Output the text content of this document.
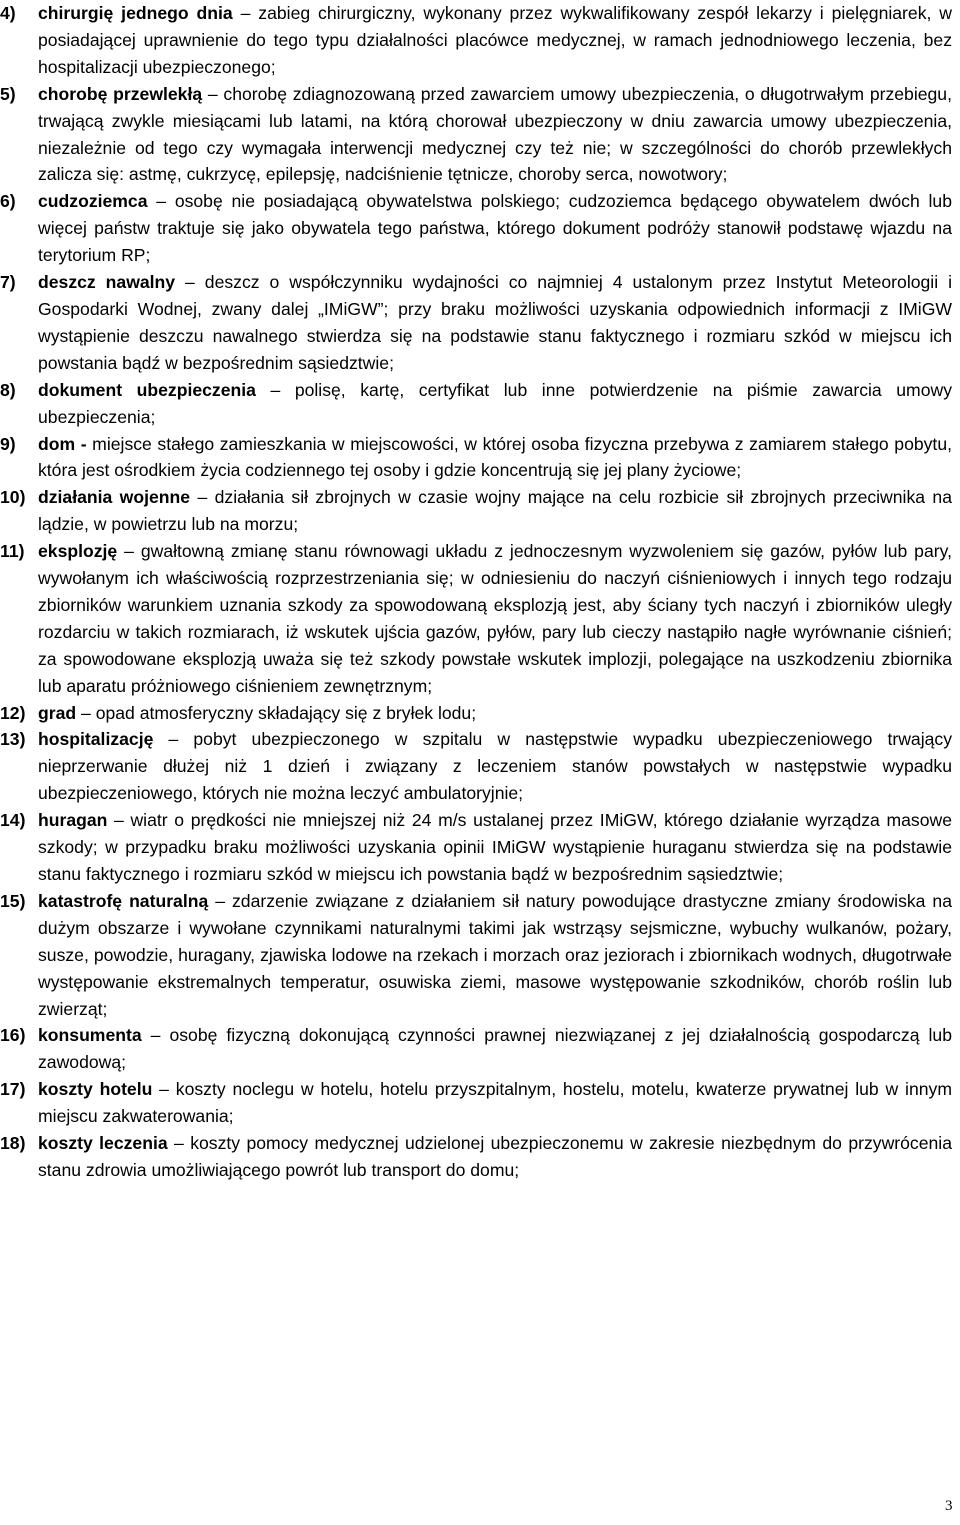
4) chirurgię jednego dnia – zabieg chirurgiczny, wykonany przez wykwalifikowany zespół lekarzy i pielęgniarek, w posiadającej uprawnienie do tego typu działalności placówce medycznej, w ramach jednodniowego leczenia, bez hospitalizacji ubezpieczonego;
5) chorobę przewlekłą – chorobę zdiagnozowaną przed zawarciem umowy ubezpieczenia, o długotrwałym przebiegu, trwającą zwykle miesiącami lub latami, na którą chorował ubezpieczony w dniu zawarcia umowy ubezpieczenia, niezależnie od tego czy wymagała interwencji medycznej czy też nie; w szczególności do chorób przewlekłych zalicza się: astmę, cukrzycę, epilepsję, nadciśnienie tętnicze, choroby serca, nowotwory;
6) cudzoziemca – osobę nie posiadającą obywatelstwa polskiego; cudzoziemca będącego obywatelem dwóch lub więcej państw traktuje się jako obywatela tego państwa, którego dokument podróży stanowił podstawę wjazdu na terytorium RP;
7) deszcz nawalny – deszcz o współczynniku wydajności co najmniej 4 ustalonym przez Instytut Meteorologii i Gospodarki Wodnej, zwany dalej „IMiGW”; przy braku możliwości uzyskania odpowiednich informacji z IMiGW wystąpienie deszczu nawalnego stwierdza się na podstawie stanu faktycznego i rozmiaru szkód w miejscu ich powstania bądź w bezpośrednim sąsiedztwie;
8) dokument ubezpieczenia – polisę, kartę, certyfikat lub inne potwierdzenie na piśmie zawarcia umowy ubezpieczenia;
9) dom - miejsce stałego zamieszkania w miejscowości, w której osoba fizyczna przebywa z zamiarem stałego pobytu, która jest ośrodkiem życia codziennego tej osoby i gdzie koncentrują się jej plany życiowe;
10) działania wojenne – działania sił zbrojnych w czasie wojny mające na celu rozbicie sił zbrojnych przeciwnika na lądzie, w powietrzu lub na morzu;
11) eksplozję – gwałtowną zmianę stanu równowagi układu z jednoczesnym wyzwoleniem się gazów, pyłów lub pary, wywołanym ich właściwością rozprzestrzeniania się; w odniesieniu do naczyń ciśnieniowych i innych tego rodzaju zbiorników warunkiem uznania szkody za spowodowaną eksplozją jest, aby ściany tych naczyń i zbiorników uległy rozdarciu w takich rozmiarach, iż wskutek ujścia gazów, pyłów, pary lub cieczy nastąpiło nagłe wyrównanie ciśnień; za spowodowane eksplozją uważa się też szkody powstałe wskutek implozji, polegające na uszkodzeniu zbiornika lub aparatu próżniowego ciśnieniem zewnętrznym;
12) grad – opad atmosferyczny składający się z bryłek lodu;
13) hospitalizację – pobyt ubezpieczonego w szpitalu w następstwie wypadku ubezpieczeniowego trwający nieprzerwanie dłużej niż 1 dzień i związany z leczeniem stanów powstałych w następstwie wypadku ubezpieczeniowego, których nie można leczyć ambulatoryjnie;
14) huragan – wiatr o prędkości nie mniejszej niż 24 m/s ustalanej przez IMiGW, którego działanie wyrządza masowe szkody; w przypadku braku możliwości uzyskania opinii IMiGW wystąpienie huraganu stwierdza się na podstawie stanu faktycznego i rozmiaru szkód w miejscu ich powstania bądź w bezpośrednim sąsiedztwie;
15) katastrofę naturalną – zdarzenie związane z działaniem sił natury powodujące drastyczne zmiany środowiska na dużym obszarze i wywołane czynnikami naturalnymi takimi jak wstrząsy sejsmiczne, wybuchy wulkanów, pożary, susze, powodzie, huragany, zjawiska lodowe na rzekach i morzach oraz jeziorach i zbiornikach wodnych, długotrwałe występowanie ekstremalnych temperatur, osuwiska ziemi, masowe występowanie szkodników, chorób roślin lub zwierząt;
16) konsumenta – osobę fizyczną dokonującą czynności prawnej niezwiązanej z jej działalnością gospodarczą lub zawodową;
17) koszty hotelu – koszty noclegu w hotelu, hotelu przyszpitalnym, hostelu, motelu, kwaterze prywatnej lub w innym miejscu zakwaterowania;
18) koszty leczenia – koszty pomocy medycznej udzielonej ubezpieczonemu w zakresie niezbędnym do przywrócenia stanu zdrowia umożliwiającego powrót lub transport do domu;
3
